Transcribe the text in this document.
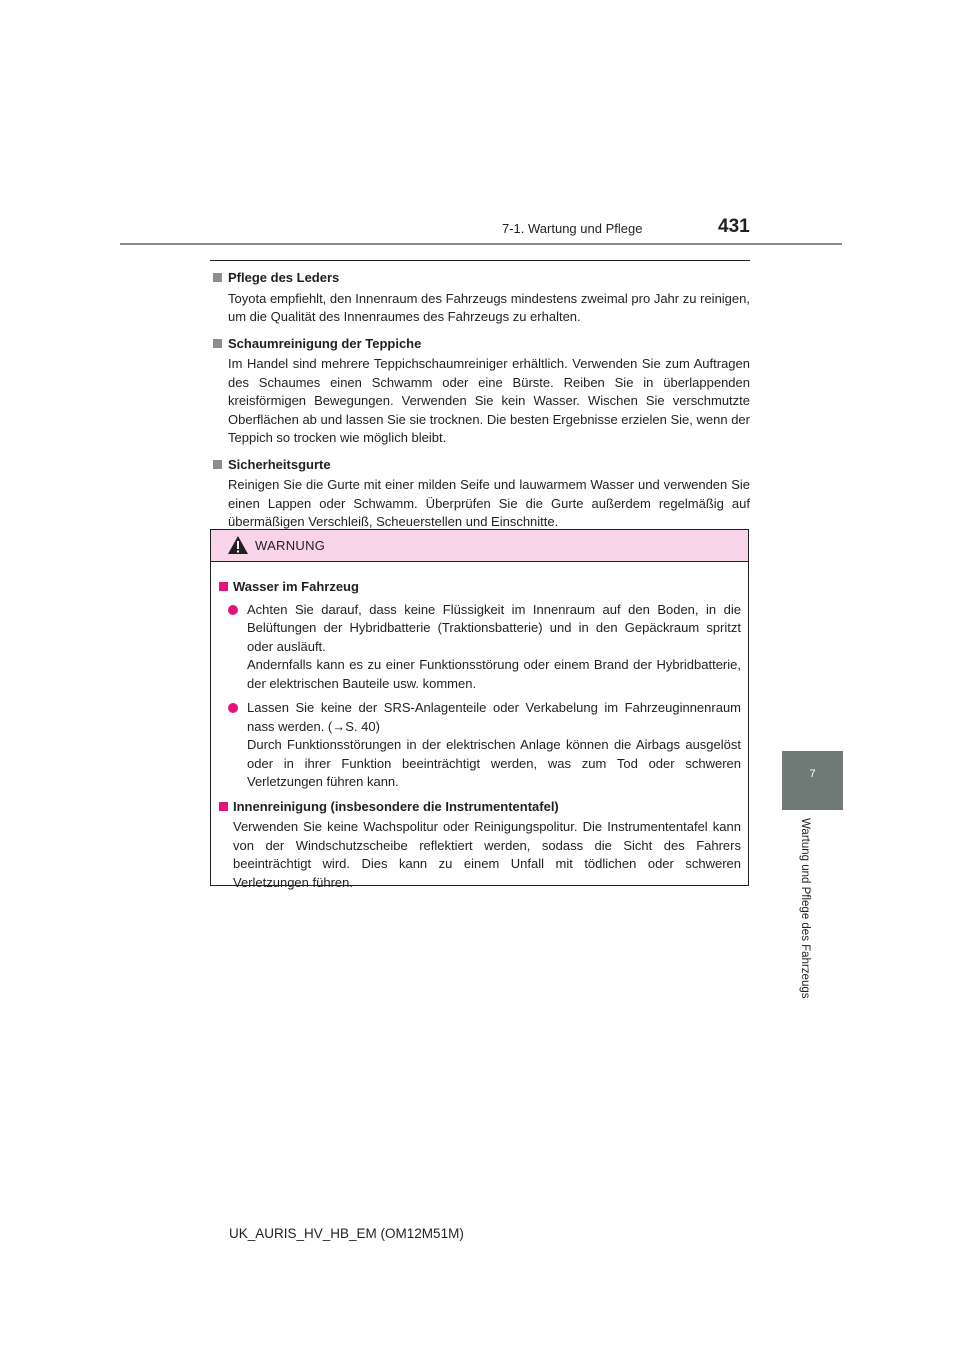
7-1. Wartung und Pflege	431
7
Wartung und Pflege des Fahrzeugs
Pflege des Leders
Toyota empfiehlt, den Innenraum des Fahrzeugs mindestens zweimal pro Jahr zu reinigen, um die Qualität des Innenraumes des Fahrzeugs zu erhalten.
Schaumreinigung der Teppiche
Im Handel sind mehrere Teppichschaumreiniger erhältlich. Verwenden Sie zum Auftragen des Schaumes einen Schwamm oder eine Bürste. Reiben Sie in überlappenden kreisförmigen Bewegungen. Verwenden Sie kein Wasser. Wischen Sie verschmutzte Oberflächen ab und lassen Sie sie trocknen. Die besten Ergebnisse erzielen Sie, wenn der Teppich so trocken wie möglich bleibt.
Sicherheitsgurte
Reinigen Sie die Gurte mit einer milden Seife und lauwarmem Wasser und verwenden Sie einen Lappen oder Schwamm. Überprüfen Sie die Gurte außerdem regelmäßig auf übermäßigen Verschleiß, Scheuerstellen und Einschnitte.
WARNUNG
Wasser im Fahrzeug
Achten Sie darauf, dass keine Flüssigkeit im Innenraum auf den Boden, in die Belüftungen der Hybridbatterie (Traktionsbatterie) und in den Gepäckraum spritzt oder ausläuft.
Andernfalls kann es zu einer Funktionsstörung oder einem Brand der Hybridbatterie, der elektrischen Bauteile usw. kommen.
Lassen Sie keine der SRS-Anlagenteile oder Verkabelung im Fahrzeuginnenraum nass werden. (→S. 40)
Durch Funktionsstörungen in der elektrischen Anlage können die Airbags ausgelöst oder in ihrer Funktion beeinträchtigt werden, was zum Tod oder schweren Verletzungen führen kann.
Innenreinigung (insbesondere die Instrumententafel)
Verwenden Sie keine Wachspolitur oder Reinigungspolitur. Die Instrumententafel kann von der Windschutzscheibe reflektiert werden, sodass die Sicht des Fahrers beeinträchtigt wird. Dies kann zu einem Unfall mit tödlichen oder schweren Verletzungen führen.
UK_AURIS_HV_HB_EM (OM12M51M)
